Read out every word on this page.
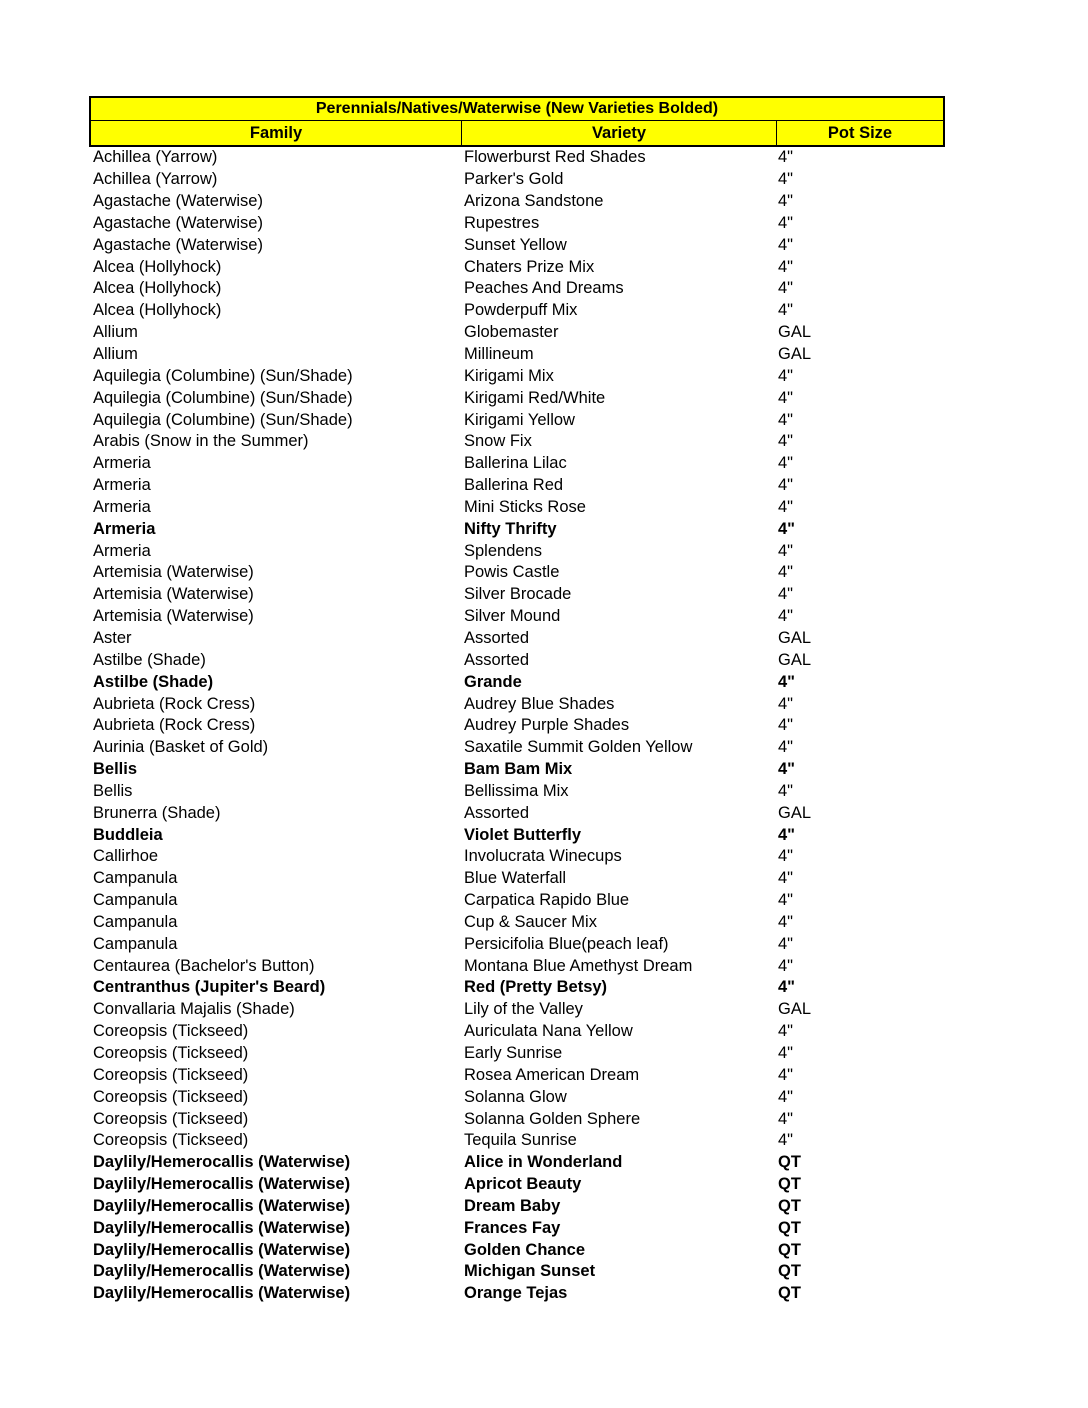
Perennials/Natives/Waterwise (New Varieties Bolded)
Family	Variety	Pot Size
Achillea (Yarrow)	Flowerburst Red Shades	4"
Achillea (Yarrow)	Parker's Gold	4"
Agastache (Waterwise)	Arizona Sandstone	4"
Agastache (Waterwise)	Rupestres	4"
Agastache (Waterwise)	Sunset Yellow	4"
Alcea (Hollyhock)	Chaters Prize Mix	4"
Alcea (Hollyhock)	Peaches And Dreams	4"
Alcea (Hollyhock)	Powderpuff Mix	4"
Allium	Globemaster	GAL
Allium	Millineum	GAL
Aquilegia (Columbine) (Sun/Shade)	Kirigami Mix	4"
Aquilegia (Columbine) (Sun/Shade)	Kirigami Red/White	4"
Aquilegia (Columbine) (Sun/Shade)	Kirigami Yellow	4"
Arabis (Snow in the Summer)	Snow Fix	4"
Armeria	Ballerina Lilac	4"
Armeria	Ballerina Red	4"
Armeria	Mini Sticks Rose	4"
Armeria	Nifty Thrifty	4"
Armeria	Splendens	4"
Artemisia (Waterwise)	Powis Castle	4"
Artemisia (Waterwise)	Silver Brocade	4"
Artemisia (Waterwise)	Silver Mound	4"
Aster	Assorted	GAL
Astilbe (Shade)	Assorted	GAL
Astilbe (Shade)	Grande	4"
Aubrieta (Rock Cress)	Audrey Blue Shades	4"
Aubrieta (Rock Cress)	Audrey Purple Shades	4"
Aurinia (Basket of Gold)	Saxatile Summit Golden Yellow	4"
Bellis	Bam Bam Mix	4"
Bellis	Bellissima Mix	4"
Brunerra (Shade)	Assorted	GAL
Buddleia	Violet Butterfly	4"
Callirhoe	Involucrata Winecups	4"
Campanula	Blue Waterfall	4"
Campanula	Carpatica Rapido Blue	4"
Campanula	Cup & Saucer Mix	4"
Campanula	Persicifolia Blue(peach leaf)	4"
Centaurea (Bachelor's Button)	Montana Blue Amethyst Dream	4"
Centranthus (Jupiter's Beard)	Red (Pretty Betsy)	4"
Convallaria Majalis (Shade)	Lily of the Valley	GAL
Coreopsis (Tickseed)	Auriculata Nana Yellow	4"
Coreopsis (Tickseed)	Early Sunrise	4"
Coreopsis (Tickseed)	Rosea American Dream	4"
Coreopsis (Tickseed)	Solanna Glow	4"
Coreopsis (Tickseed)	Solanna Golden Sphere	4"
Coreopsis (Tickseed)	Tequila Sunrise	4"
Daylily/Hemerocallis (Waterwise)	Alice in Wonderland	QT
Daylily/Hemerocallis (Waterwise)	Apricot Beauty	QT
Daylily/Hemerocallis (Waterwise)	Dream Baby	QT
Daylily/Hemerocallis (Waterwise)	Frances Fay	QT
Daylily/Hemerocallis (Waterwise)	Golden Chance	QT
Daylily/Hemerocallis (Waterwise)	Michigan Sunset	QT
Daylily/Hemerocallis (Waterwise)	Orange Tejas	QT
